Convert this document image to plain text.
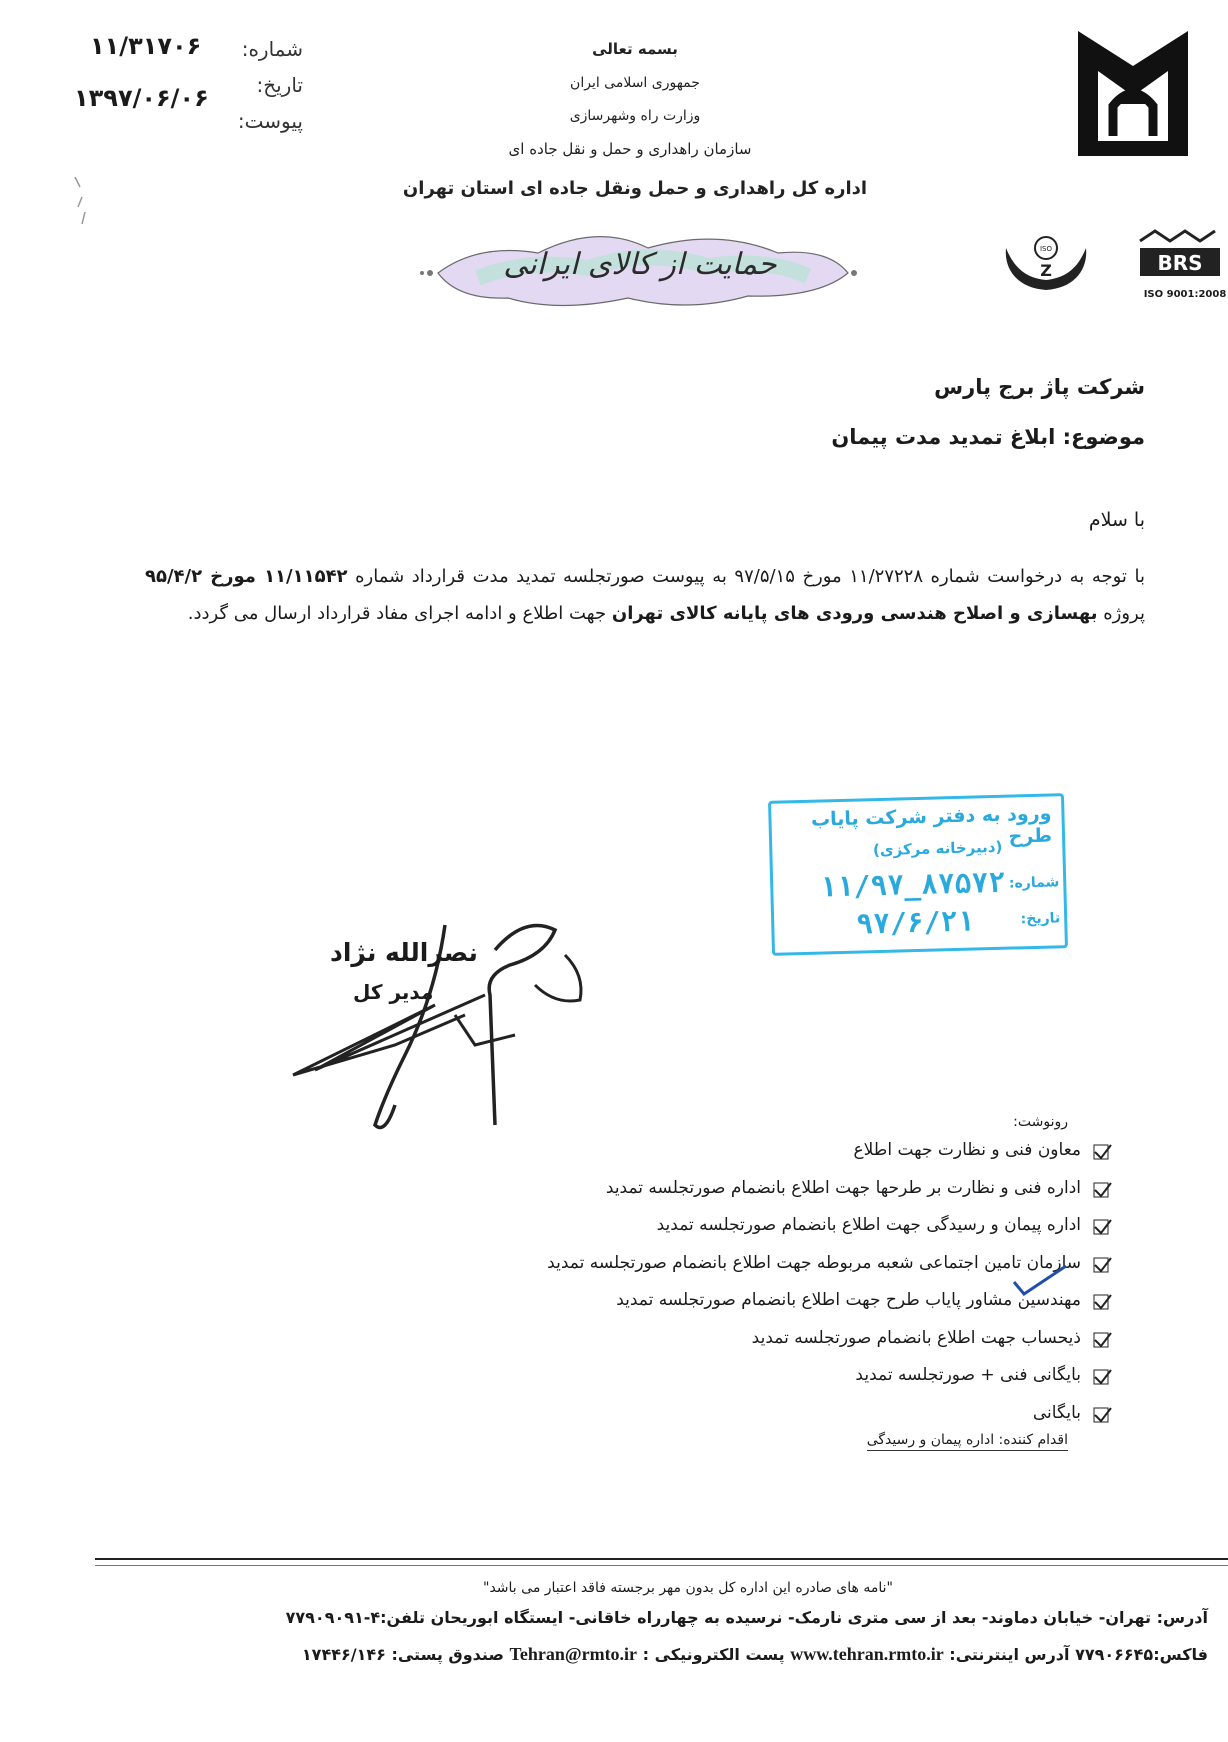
شماره:
۱۱/۳۱۷۰۶
تاریخ:
۱۳۹۷/۰۶/۰۶
پیوست:
بسمه تعالی
جمهوری اسلامی ایران
وزارت راه وشهرسازی
سازمان راهداری و حمل و نقل جاده ای
اداره کل راهداری و حمل ونقل جاده ای استان تهران
ISO
Z	BRS
ISO 9001:2008
حمایت از کالای ایرانی
شرکت پاژ برج پارس
موضوع: ابلاغ تمدید مدت پیمان
با سلام
با توجه به درخواست شماره ۱۱/۲۷۲۲۸ مورخ ۹۷/۵/۱۵ به پیوست صورتجلسه تمدید مدت قرارداد شماره ۱۱/۱۱۵۴۲ مورخ ۹۵/۴/۲ پروژه بهسازی و اصلاح هندسی ورودی های پایانه کالای تهران جهت اطلاع و ادامه اجرای مفاد قرارداد ارسال می گردد.
ورود به دفتر شرکت پایاب طرح
(دبیرخانه مرکزی)
شماره:
۱۱/۹۷_۸۷۵۷۲
تاریخ:
۹۷/۶/۲۱
نصرالله نژاد
مدیر کل
رونوشت:
معاون فنی و نظارت جهت اطلاع
اداره فنی و نظارت بر طرحها جهت اطلاع بانضمام صورتجلسه تمدید
اداره پیمان و رسیدگی جهت اطلاع بانضمام صورتجلسه تمدید
سازمان تامین اجتماعی شعبه مربوطه جهت اطلاع بانضمام صورتجلسه تمدید
مهندسین مشاور پایاب طرح جهت اطلاع بانضمام صورتجلسه تمدید
ذیحساب جهت اطلاع بانضمام صورتجلسه تمدید
بایگانی فنی + صورتجلسه تمدید
بایگانی
اقدام کننده: اداره پیمان و رسیدگی
"نامه های صادره این اداره کل بدون مهر برجسته فاقد اعتبار می باشد"
آدرس: تهران- خیابان دماوند- بعد از سی متری نارمک- نرسیده به چهارراه خاقانی- ایستگاه ابوریحان تلفن:۴-۷۷۹۰۹۰۹۱
فاکس:۷۷۹۰۶۶۴۵ آدرس اینترنتی: www.tehran.rmto.ir پست الکترونیکی : Tehran@rmto.ir صندوق پستی: ۱۷۴۴۶/۱۴۶
